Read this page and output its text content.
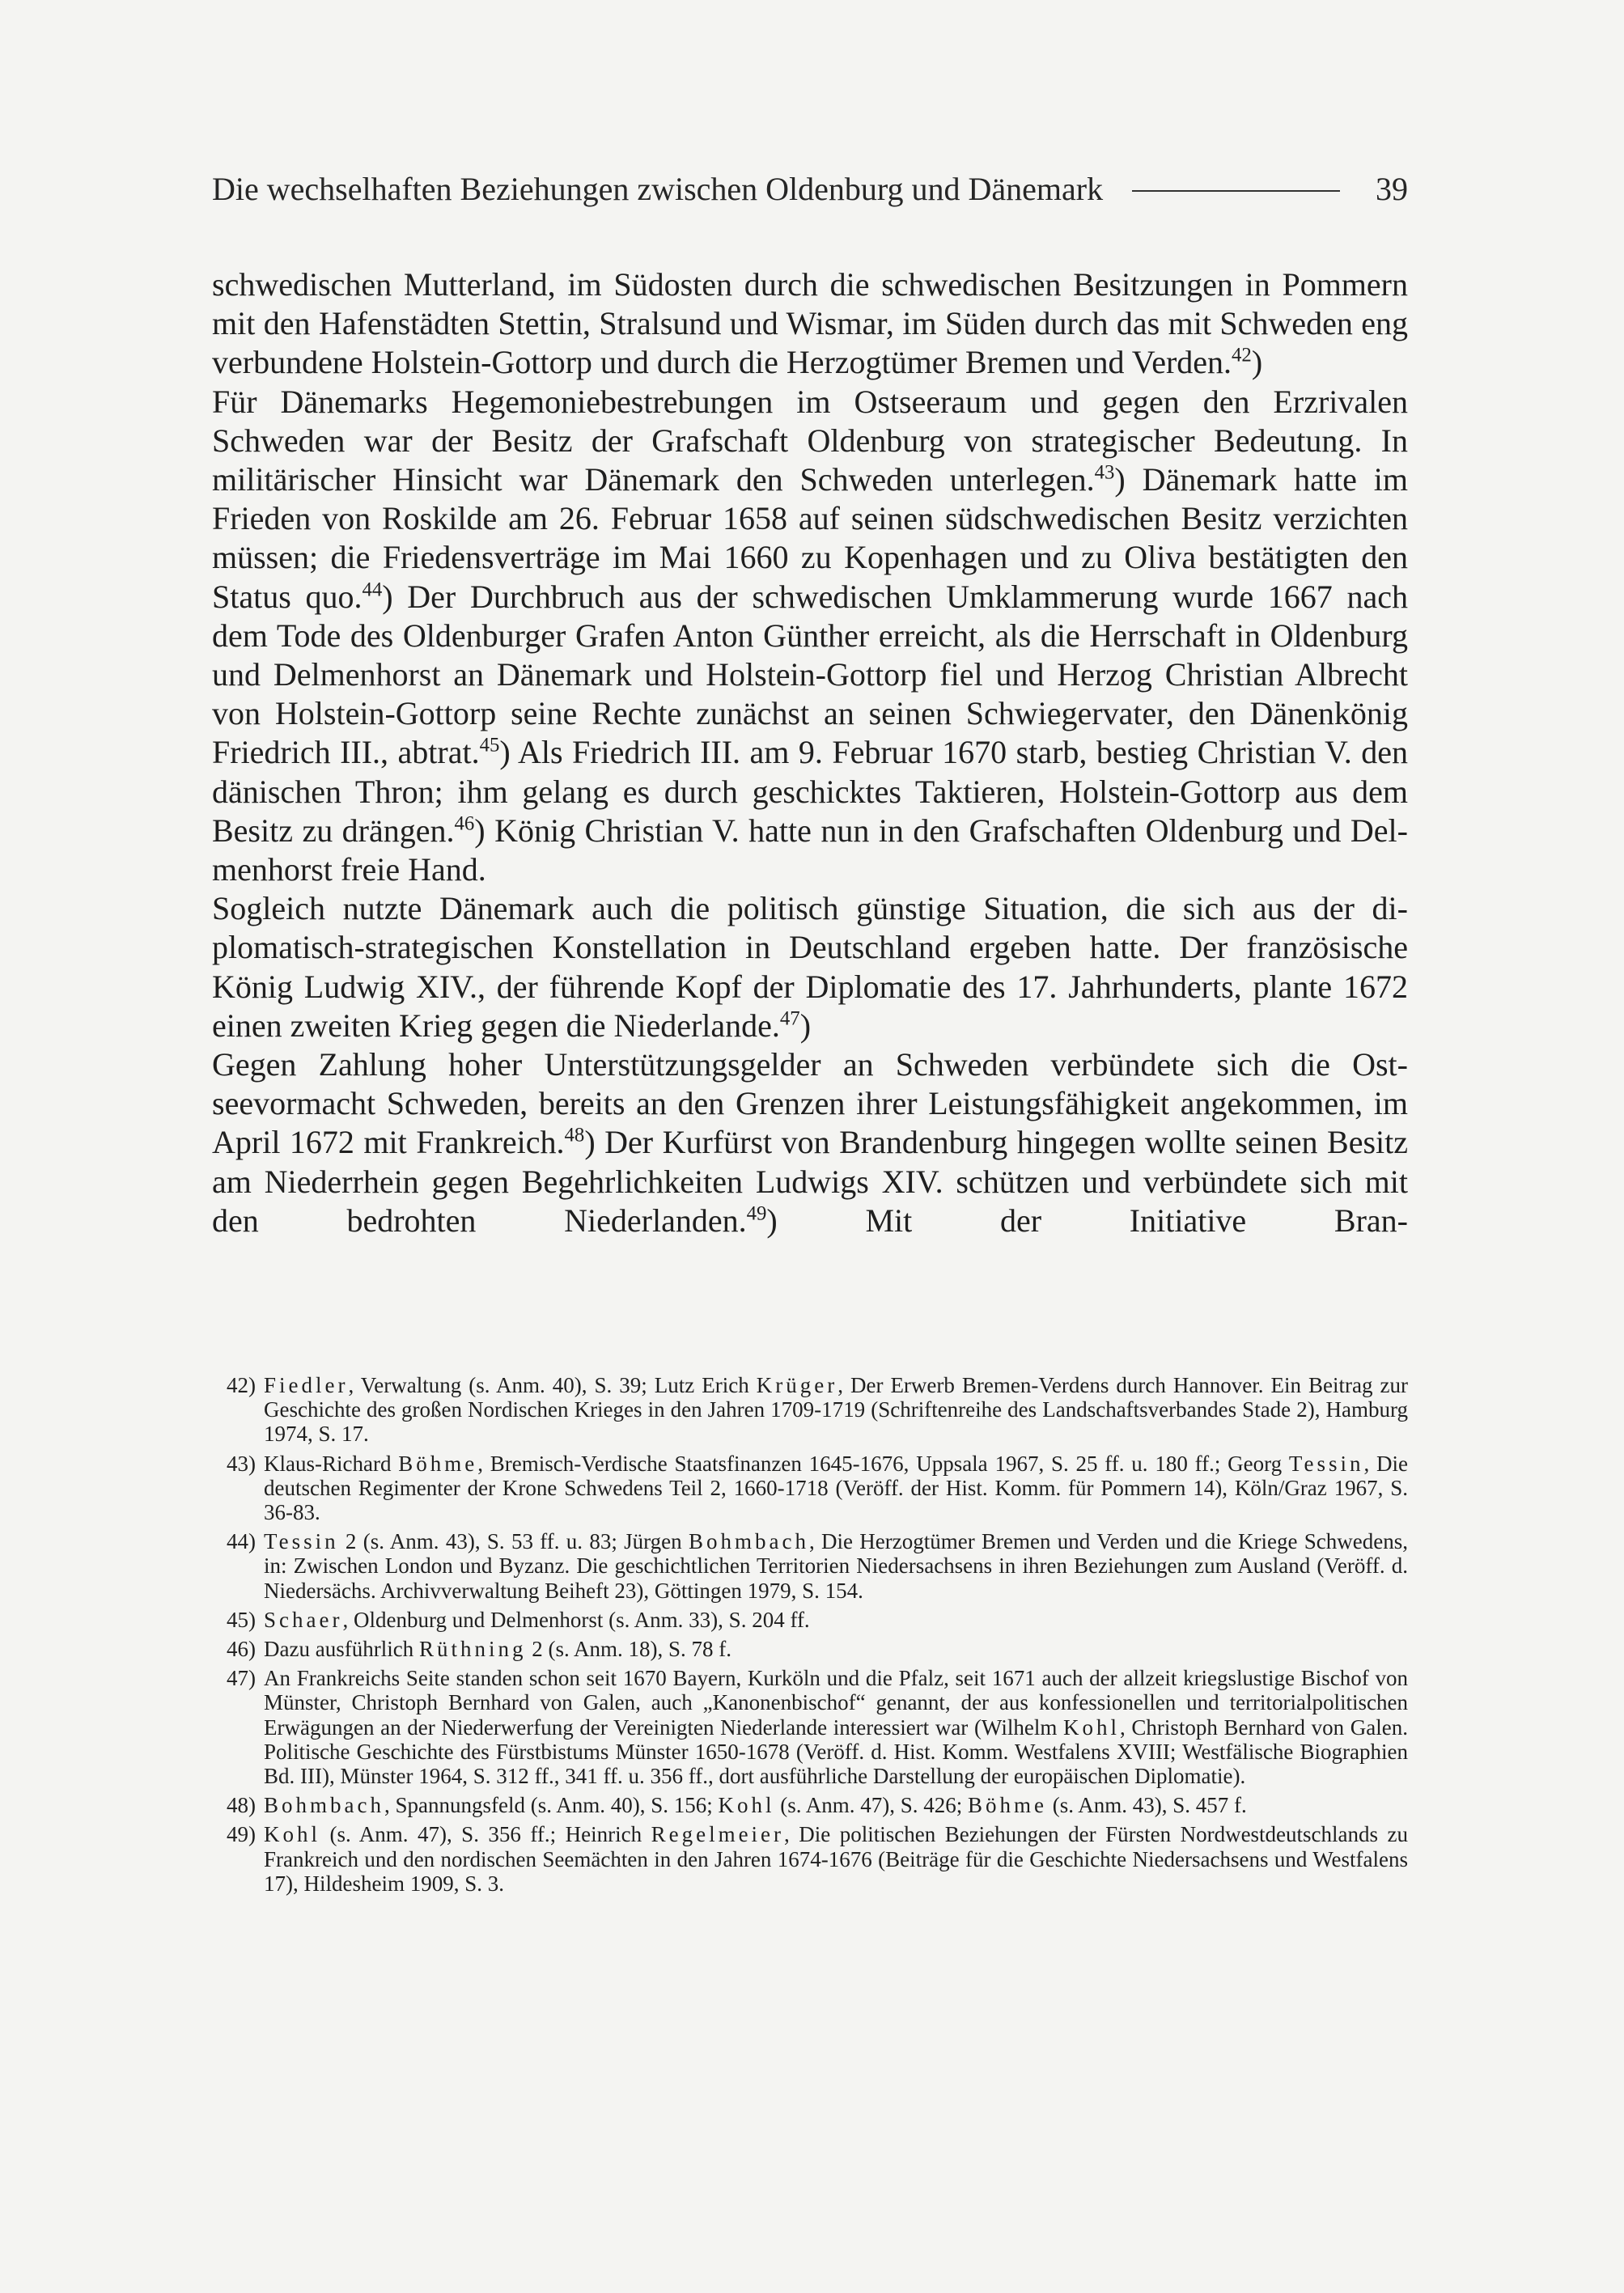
Die wechselhaften Beziehungen zwischen Oldenburg und Dänemark	39

schwedischen Mutterland, im Südosten durch die schwedischen Besitzungen in Pommern mit den Hafenstädten Stettin, Stralsund und Wismar, im Süden durch das mit Schweden eng verbundene Holstein-Gottorp und durch die Herzogtümer Bremen und Verden.$^{42}$)

Für Dänemarks Hegemoniebestrebungen im Ostseeraum und gegen den Erzrivalen Schweden war der Besitz der Grafschaft Oldenburg von strategischer Bedeutung. In militärischer Hinsicht war Dänemark den Schweden unterlegen.$^{43}$) Dänemark hatte im Frieden von Roskilde am 26. Februar 1658 auf seinen südschwedischen Besitz verzichten müssen; die Friedensverträge im Mai 1660 zu Kopenhagen und zu Oliva bestätigten den Status quo.$^{44}$) Der Durchbruch aus der schwedischen Umklammerung wurde 1667 nach dem Tode des Oldenburger Grafen Anton Günther erreicht, als die Herrschaft in Oldenburg und Delmenhorst an Dänemark und Holstein-Gottorp fiel und Herzog Christian Albrecht von Holstein-Gottorp seine Rechte zunächst an seinen Schwiegervater, den Dänenkönig Friedrich III., abtrat.$^{45}$) Als Friedrich III. am 9. Februar 1670 starb, bestieg Christian V. den dänischen Thron; ihm gelang es durch geschicktes Taktieren, Holstein-Gottorp aus dem Besitz zu drängen.$^{46}$) König Christian V. hatte nun in den Grafschaften Oldenburg und Delmenhorst freie Hand.

Sogleich nutzte Dänemark auch die politisch günstige Situation, die sich aus der diplomatisch-strategischen Konstellation in Deutschland ergeben hatte. Der französische König Ludwig XIV., der führende Kopf der Diplomatie des 17. Jahrhunderts, plante 1672 einen zweiten Krieg gegen die Niederlande.$^{47}$)

Gegen Zahlung hoher Unterstützungsgelder an Schweden verbündete sich die Ostseevormacht Schweden, bereits an den Grenzen ihrer Leistungsfähigkeit angekommen, im April 1672 mit Frankreich.$^{48}$) Der Kurfürst von Brandenburg hingegen wollte seinen Besitz am Niederrhein gegen Begehrlichkeiten Ludwigs XIV. schützen und verbündete sich mit den bedrohten Niederlanden.$^{49}$) Mit der Initiative Bran-

42) Fiedler, Verwaltung (s. Anm. 40), S. 39; Lutz Erich Krüger, Der Erwerb Bremen-Verdens durch Hannover. Ein Beitrag zur Geschichte des großen Nordischen Krieges in den Jahren 1709-1719 (Schriftenreihe des Landschaftsverbandes Stade 2), Hamburg 1974, S. 17.
43) Klaus-Richard Böhme, Bremisch-Verdische Staatsfinanzen 1645-1676, Uppsala 1967, S. 25 ff. u. 180 ff.; Georg Tessin, Die deutschen Regimenter der Krone Schwedens Teil 2, 1660-1718 (Veröff. der Hist. Komm. für Pommern 14), Köln/Graz 1967, S. 36-83.
44) Tessin 2 (s. Anm. 43), S. 53 ff. u. 83; Jürgen Bohmbach, Die Herzogtümer Bremen und Verden und die Kriege Schwedens, in: Zwischen London und Byzanz. Die geschichtlichen Territorien Niedersachsens in ihren Beziehungen zum Ausland (Veröff. d. Niedersächs. Archivverwaltung Beiheft 23), Göttingen 1979, S. 154.
45) Schaer, Oldenburg und Delmenhorst (s. Anm. 33), S. 204 ff.
46) Dazu ausführlich Rüthning 2 (s. Anm. 18), S. 78 f.
47) An Frankreichs Seite standen schon seit 1670 Bayern, Kurköln und die Pfalz, seit 1671 auch der allzeit kriegslustige Bischof von Münster, Christoph Bernhard von Galen, auch „Kanonenbischof“ genannt, der aus konfessionellen und territorialpolitischen Erwägungen an der Niederwerfung der Vereinigten Niederlande interessiert war (Wilhelm Kohl, Christoph Bernhard von Galen. Politische Geschichte des Fürstbistums Münster 1650-1678 (Veröff. d. Hist. Komm. Westfalens XVIII; Westfälische Biographien Bd. III), Münster 1964, S. 312 ff., 341 ff. u. 356 ff., dort ausführliche Darstellung der europäischen Diplomatie).
48) Bohmbach, Spannungsfeld (s. Anm. 40), S. 156; Kohl (s. Anm. 47), S. 426; Böhme (s. Anm. 43), S. 457 f.
49) Kohl (s. Anm. 47), S. 356 ff.; Heinrich Regelmeier, Die politischen Beziehungen der Fürsten Nordwestdeutschlands zu Frankreich und den nordischen Seemächten in den Jahren 1674-1676 (Beiträge für die Geschichte Niedersachsens und Westfalens 17), Hildesheim 1909, S. 3.
